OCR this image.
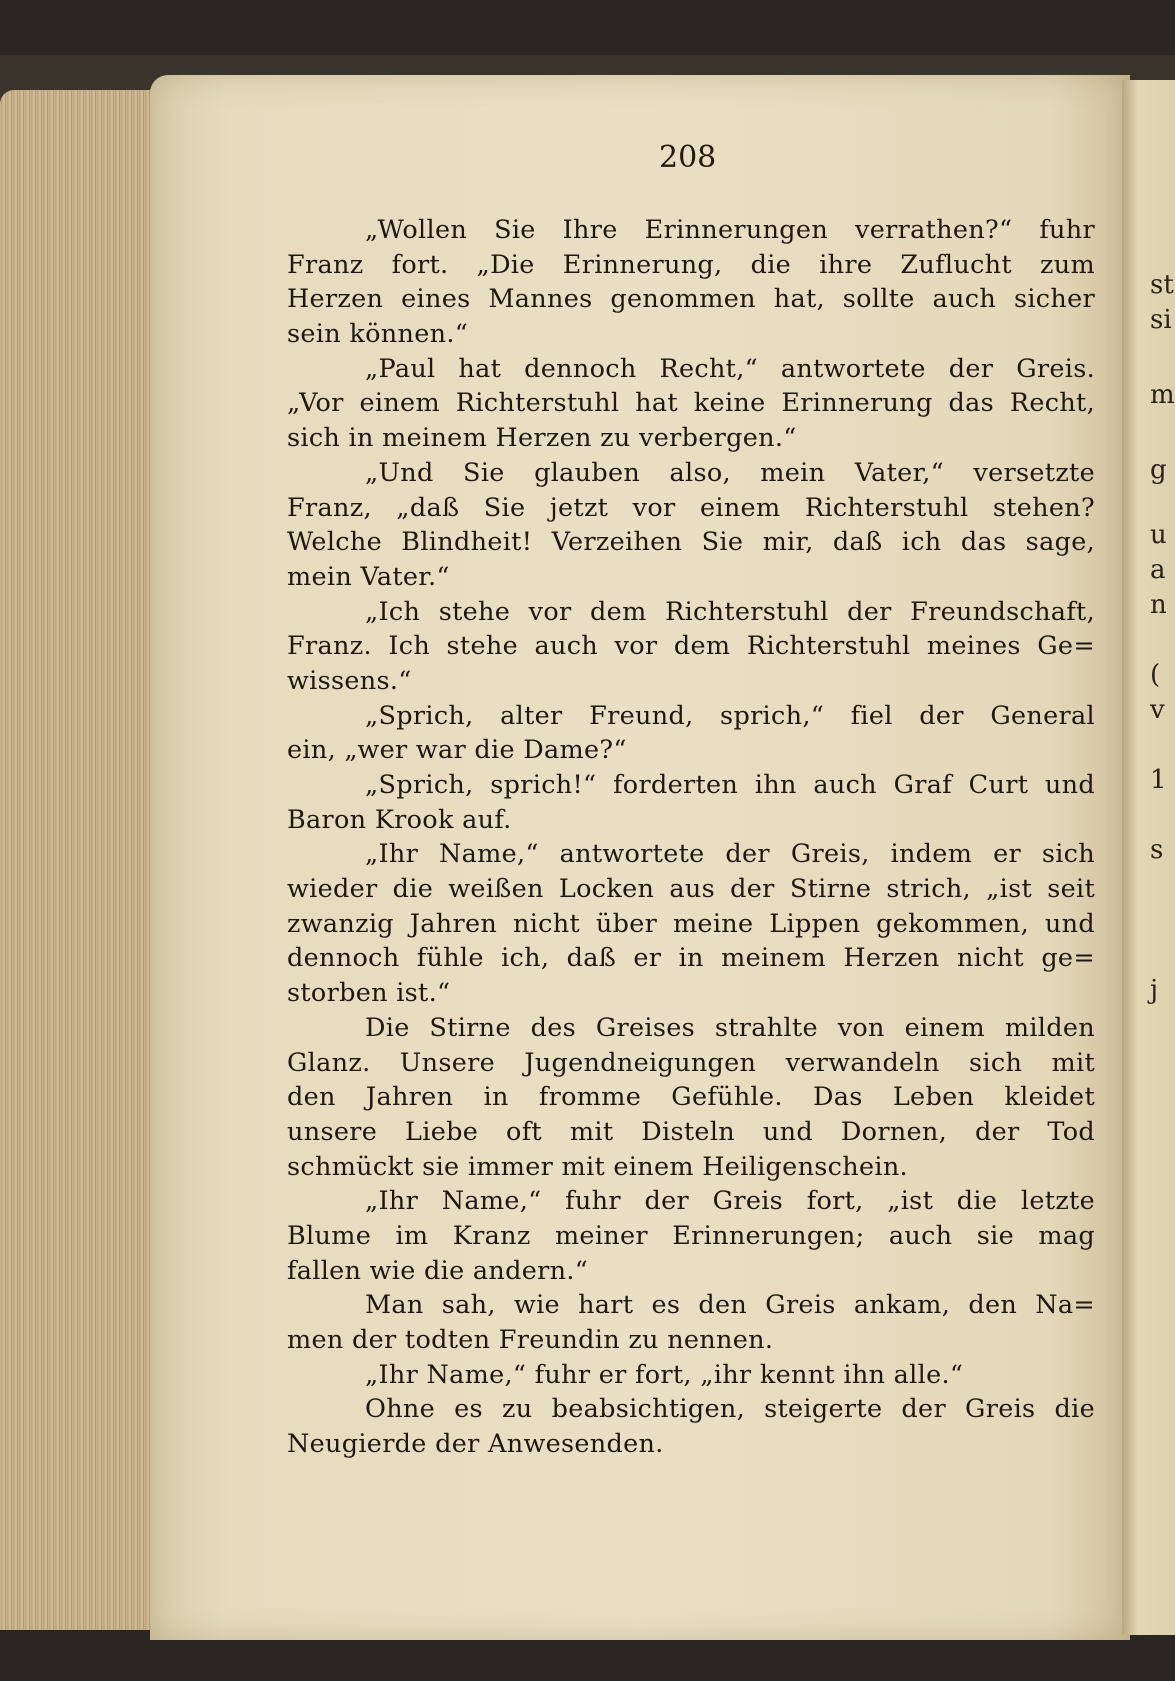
208
„Wollen Sie Ihre Erinnerungen verrathen?“ fuhr
Franz fort. „Die Erinnerung, die ihre Zuflucht zum
Herzen eines Mannes genommen hat, sollte auch sicher
sein können.“
„Paul hat dennoch Recht,“ antwortete der Greis.
„Vor einem Richterstuhl hat keine Erinnerung das Recht,
sich in meinem Herzen zu verbergen.“
„Und Sie glauben also, mein Vater,“ versetzte
Franz, „daß Sie jetzt vor einem Richterstuhl stehen?
Welche Blindheit! Verzeihen Sie mir, daß ich das sage,
mein Vater.“
„Ich stehe vor dem Richterstuhl der Freundschaft,
Franz. Ich stehe auch vor dem Richterstuhl meines Ge=
wissens.“
„Sprich, alter Freund, sprich,“ fiel der General
ein, „wer war die Dame?“
„Sprich, sprich!“ forderten ihn auch Graf Curt und
Baron Krook auf.
„Ihr Name,“ antwortete der Greis, indem er sich
wieder die weißen Locken aus der Stirne strich, „ist seit
zwanzig Jahren nicht über meine Lippen gekommen, und
dennoch fühle ich, daß er in meinem Herzen nicht ge=
storben ist.“
Die Stirne des Greises strahlte von einem milden
Glanz. Unsere Jugendneigungen verwandeln sich mit
den Jahren in fromme Gefühle. Das Leben kleidet
unsere Liebe oft mit Disteln und Dornen, der Tod
schmückt sie immer mit einem Heiligenschein.
„Ihr Name,“ fuhr der Greis fort, „ist die letzte
Blume im Kranz meiner Erinnerungen; auch sie mag
fallen wie die andern.“
Man sah, wie hart es den Greis ankam, den Na=
men der todten Freundin zu nennen.
„Ihr Name,“ fuhr er fort, „ihr kennt ihn alle.“
Ohne es zu beabsichtigen, steigerte der Greis die
Neugierde der Anwesenden.
st
si
m
g
u
a
n
(
v
1
s
j
